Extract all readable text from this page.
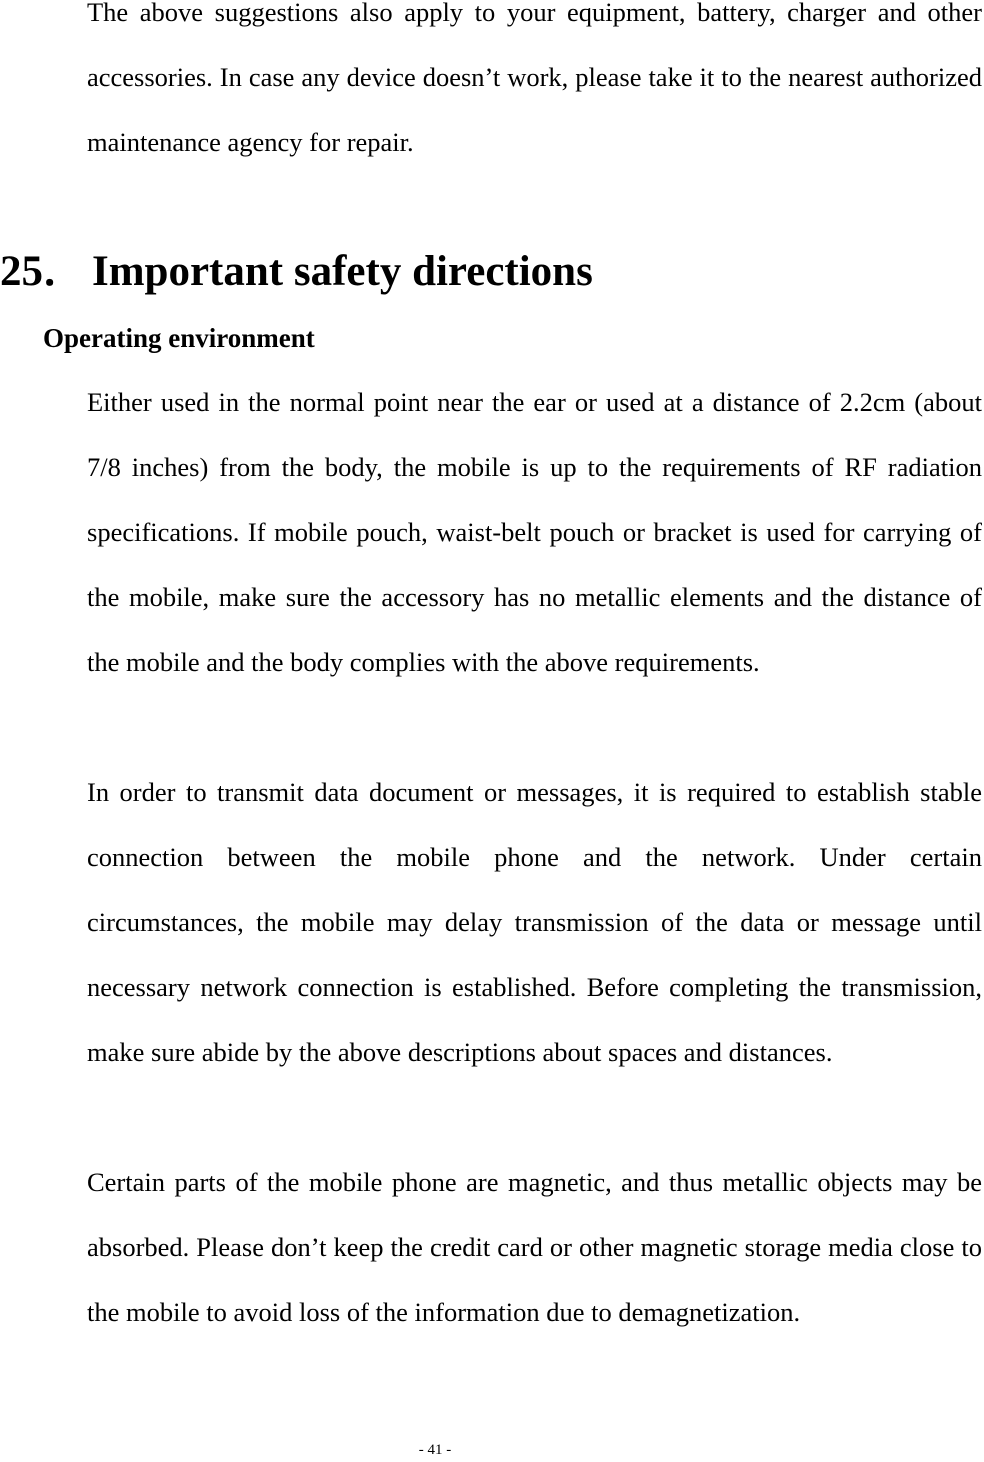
The above suggestions also apply to your equipment, battery, charger and other accessories. In case any device doesn’t work, please take it to the nearest authorized maintenance agency for repair.

25． Important safety directions
Operating environment

Either used in the normal point near the ear or used at a distance of 2.2cm (about 7/8 inches) from the body, the mobile is up to the requirements of RF radiation specifications. If mobile pouch, waist-belt pouch or bracket is used for carrying of the mobile, make sure the accessory has no metallic elements and the distance of the mobile and the body complies with the above requirements.

In order to transmit data document or messages, it is required to establish stable connection between the mobile phone and the network. Under certain circumstances, the mobile may delay transmission of the data or message until necessary network connection is established. Before completing the transmission, make sure abide by the above descriptions about spaces and distances.

Certain parts of the mobile phone are magnetic, and thus metallic objects may be absorbed. Please don’t keep the credit card or other magnetic storage media close to the mobile to avoid loss of the information due to demagnetization.

- 41 -
